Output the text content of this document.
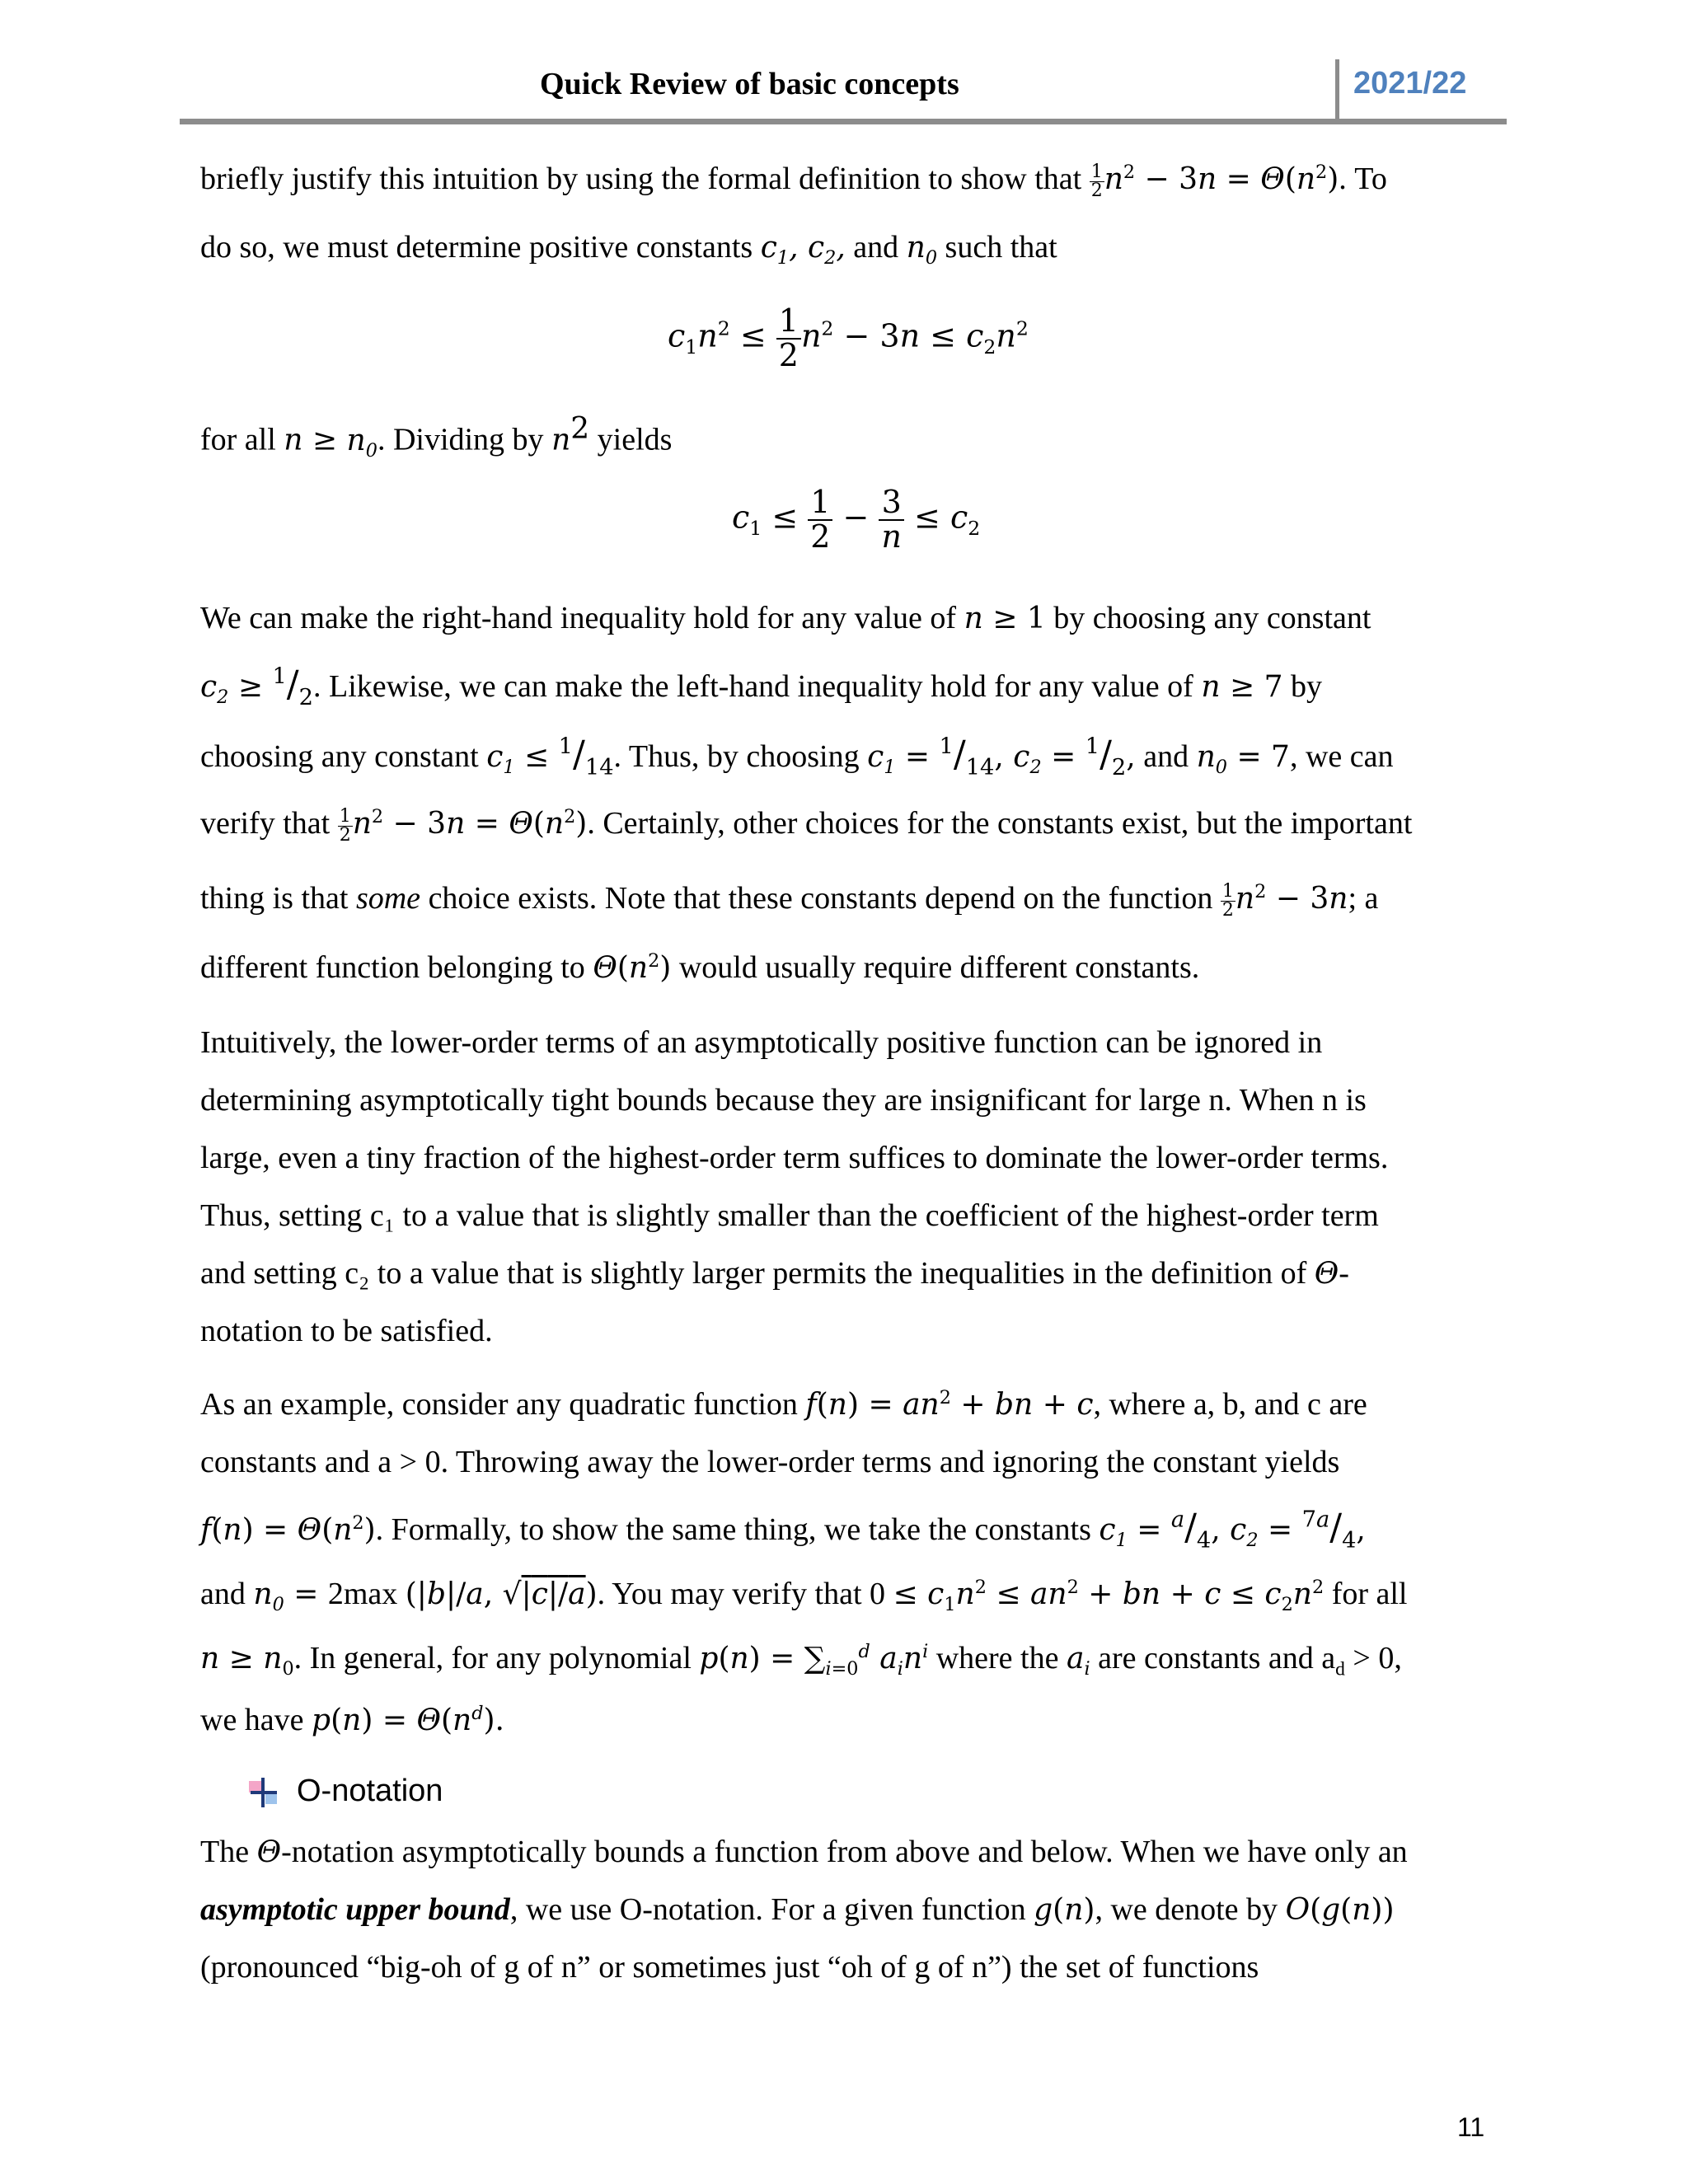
Quick Review of basic concepts	2021/22
briefly justify this intuition by using the formal definition to show that $\frac{1}{2} n^2 - 3n = \Theta(n^2)$. To
do so, we must determine positive constants $c_1$, $c_2$, and $n_0$ such that
$c_1n^2 \le \frac{1}{2} n^2 - 3n \le c_2n^2$
for all $n \ge n_0$. Dividing by $n^2$ yields
$c_1 \le \frac{1}{2} - \frac{3}{n} \le c_2$
We can make the right-hand inequality hold for any value of n ≥ 1 by choosing any constant
$c_2 \ge ^1/_2$. Likewise, we can make the left-hand inequality hold for any value of n ≥ 7 by
choosing any constant $c_1 \le ^1/_{14}$. Thus, by choosing $c_1 = ^1/_{14}$, $c_2 = ^1/_2$, and $n_0 = 7$, we can
verify that $\frac{1}{2} n^2 - 3n = \Theta(n^2)$. Certainly, other choices for the constants exist, but the important
thing is that some choice exists. Note that these constants depend on the function $\frac{1}{2} n^2 - 3n$; a
different function belonging to $\Theta(n^2)$ would usually require different constants.
Intuitively, the lower-order terms of an asymptotically positive function can be ignored in
determining asymptotically tight bounds because they are insignificant for large n. When n is
large, even a tiny fraction of the highest-order term suffices to dominate the lower-order terms.
Thus, setting c₁ to a value that is slightly smaller than the coefficient of the highest-order term
and setting c₂ to a value that is slightly larger permits the inequalities in the definition of Θ-
notation to be satisfied.
As an example, consider any quadratic function $f(n) = an^2$ + bn + c, where a, b, and c are
constants and a > 0. Throwing away the lower-order terms and ignoring the constant yields
$f(n) = \Theta(n^2)$. Formally, to show the same thing, we take the constants $c_1 = ^a/_4$, $c_2 = ^{7a}/_4$,
and $n_0 = 2\max$ (|b|/a, √|c|/a). You may verify that $0 \le c_1n^2 \le an^2$ + bn + $c \le c_2n^2$ for all
$n \ge n_0$. In general, for any polynomial $p(n) = \sum_{i=0}^d$ $a_in^i$ where the $a_i$ are constants and $a_d > 0$,
we have $p(n) = \Theta(n^d)$.
O-notation
The Θ-notation asymptotically bounds a function from above and below. When we have only an
asymptotic upper bound, we use O-notation. For a given function g(n), we denote by O(g(n))
(pronounced “big-oh of g of n” or sometimes just “oh of g of n”) the set of functions
11
